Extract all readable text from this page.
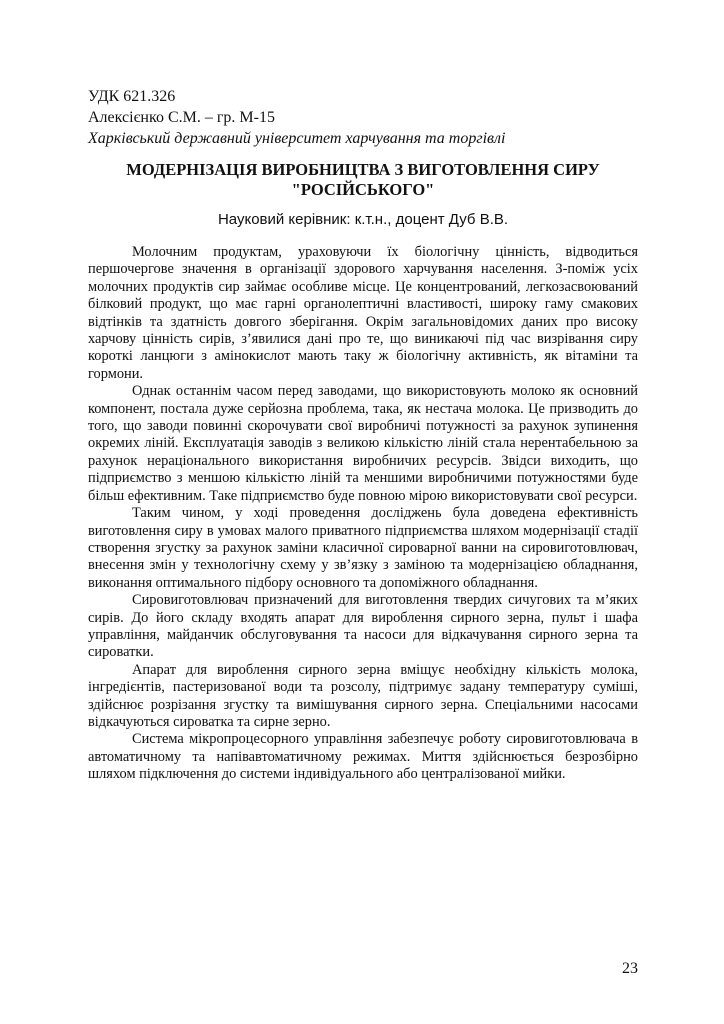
УДК 621.326
Алексієнко С.М. – гр. М-15
Харківський державний університет харчування та торгівлі
МОДЕРНІЗАЦІЯ ВИРОБНИЦТВА З ВИГОТОВЛЕННЯ СИРУ "РОСІЙСЬКОГО"
Науковий керівник: к.т.н., доцент Дуб В.В.

Молочним продуктам, ураховуючи їх біологічну цінність, відводиться першочергове значення в організації здорового харчування населення. З-поміж усіх молочних продуктів сир займає особливе місце. Це концентрований, легкозасвоюваний білковий продукт, що має гарні органолептичні властивості, широку гаму смакових відтінків та здатність довгого зберігання. Окрім загальновідомих даних про високу харчову цінність сирів, з’явилися дані про те, що виникаючі під час визрівання сиру короткі ланцюги з амінокислот мають таку ж біологічну активність, як вітаміни та гормони.

Однак останнім часом перед заводами, що використовують молоко як основний компонент, постала дуже серйозна проблема, така, як нестача молока. Це призводить до того, що заводи повинні скорочувати свої виробничі потужності за рахунок зупинення окремих ліній. Експлуатація заводів з великою кількістю ліній стала нерентабельною за рахунок нераціонального використання виробничих ресурсів. Звідси виходить, що підприємство з меншою кількістю ліній та меншими виробничими потужностями буде більш ефективним. Таке підприємство буде повною мірою використовувати свої ресурси.

Таким чином, у ході проведення досліджень була доведена ефективність виготовлення сиру в умовах малого приватного підприємства шляхом модернізації стадії створення згустку за рахунок заміни класичної сироварної ванни на сировиготовлювач, внесення змін у технологічну схему у зв’язку з заміною та модернізацією обладнання, виконання оптимального підбору основного та допоміжного обладнання.

Сировиготовлювач призначений для виготовлення твердих сичугових та м’яких сирів. До його складу входять апарат для вироблення сирного зерна, пульт і шафа управління, майданчик обслуговування та насоси для відкачування сирного зерна та сироватки.

Апарат для вироблення сирного зерна вміщує необхідну кількість молока, інгредієнтів, пастеризованої води та розсолу, підтримує задану температуру суміші, здійснює розрізання згустку та вимішування сирного зерна. Спеціальними насосами відкачуються сироватка та сирне зерно.

Система мікропроцесорного управління забезпечує роботу сировиготовлювача в автоматичному та напівавтоматичному режимах. Миття здійснюється безрозбірно шляхом підключення до системи індивідуального або централізованої мийки.

23
